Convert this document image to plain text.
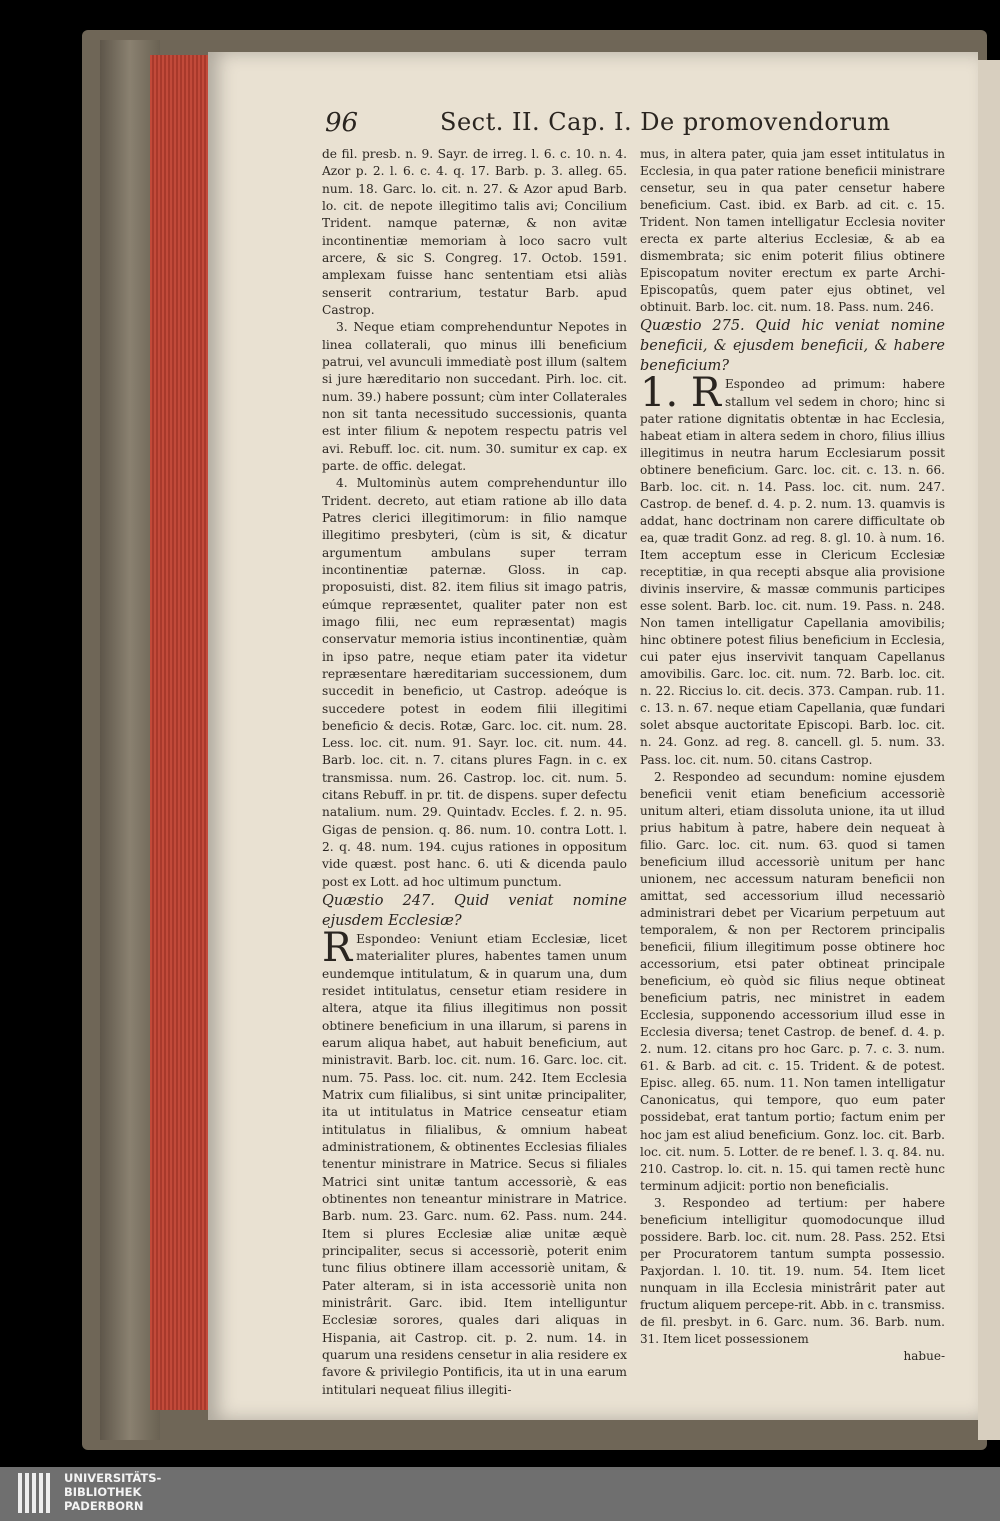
96	Sect. II. Cap. I. De promovendorum

de fil. presb. n. 9. Sayr. de irreg. l. 6. c. 10. n. 4. Azor p. 2. l. 6. c. 4. q. 17. Barb. p. 3. alleg. 65. num. 18. Garc. lo. cit. n. 27. & Azor apud Barb. lo. cit. de nepote illegitimo talis avi; Concilium Trident. namque paternæ, & non avitæ incontinentiæ memoriam à loco sacro vult arcere, & sic S. Congreg. 17. Octob. 1591. amplexam fuisse hanc sententiam etsi aliàs senserit contrarium, testatur Barb. apud Castrop.

3. Neque etiam comprehenduntur Nepotes in linea collaterali, quo minus illi beneficium patrui, vel avunculi immediatè post illum (saltem si jure hæreditario non succedant. Pirh. loc. cit. num. 39.) habere possunt; cùm inter Collaterales non sit tanta necessitudo successionis, quanta est inter filium & nepotem respectu patris vel avi. Rebuff. loc. cit. num. 30. sumitur ex cap. ex parte. de offic. delegat.

4. Multominùs autem comprehenduntur illo Trident. decreto, aut etiam ratione ab illo data Patres clerici illegitimorum: in filio namque illegitimo presbyteri, (cùm is sit, & dicatur argumentum ambulans super terram incontinentiæ paternæ. Gloss. in cap. proposuisti, dist. 82. item filius sit imago patris, eúmque repræsentet, qualiter pater non est imago filii, nec eum repræsentat) magis conservatur memoria istius incontinentiæ, quàm in ipso patre, neque etiam pater ita videtur repræsentare hæreditariam successionem, dum succedit in beneficio, ut Castrop. adeóque is succedere potest in eodem filii illegitimi beneficio & decis. Rotæ, Garc. loc. cit. num. 28. Less. loc. cit. num. 91. Sayr. loc. cit. num. 44. Barb. loc. cit. n. 7. citans plures Fagn. in c. ex transmissa. num. 26. Castrop. loc. cit. num. 5. citans Rebuff. in pr. tit. de dispens. super defectu natalium. num. 29. Quintadv. Eccles. f. 2. n. 95. Gigas de pension. q. 86. num. 10. contra Lott. l. 2. q. 48. num. 194. cujus rationes in oppositum vide quæst. post hanc. 6. uti & dicenda paulo post ex Lott. ad hoc ultimum punctum.

Quæstio 247. Quid veniat nomine ejusdem Ecclesiæ?

R Espondeo: Veniunt etiam Ecclesiæ, licet materialiter plures, habentes tamen unum eundemque intitulatum, & in quarum una, dum residet intitulatus, censetur etiam residere in altera, atque ita filius illegitimus non possit obtinere beneficium in una illarum, si parens in earum aliqua habet, aut habuit beneficium, aut ministravit. Barb. loc. cit. num. 16. Garc. loc. cit. num. 75. Pass. loc. cit. num. 242. Item Ecclesia Matrix cum filialibus, si sint unitæ principaliter, ita ut intitulatus in Matrice censeatur etiam intitulatus in filialibus, & omnium habeat administrationem, & obtinentes Ecclesias filiales tenentur ministrare in Matrice. Secus si filiales Matrici sint unitæ tantum accessoriè, & eas obtinentes non teneantur ministrare in Matrice. Barb. num. 23. Garc. num. 62. Pass. num. 244. Item si plures Ecclesiæ aliæ unitæ æquè principaliter, secus si accessoriè, poterit enim tunc filius obtinere illam accessoriè unitam, & Pater alteram, si in ista accessoriè unita non ministrârit. Garc. ibid. Item intelliguntur Ecclesiæ sorores, quales dari aliquas in Hispania, ait Castrop. cit. p. 2. num. 14. in quarum una residens censetur in alia residere ex favore & privilegio Pontificis, ita ut in una earum intitulari nequeat filius illegiti-

mus, in altera pater, quia jam esset intitulatus in Ecclesia, in qua pater ratione beneficii ministrare censetur, seu in qua pater censetur habere beneficium. Cast. ibid. ex Barb. ad cit. c. 15. Trident. Non tamen intelligatur Ecclesia noviter erecta ex parte alterius Ecclesiæ, & ab ea dismembrata; sic enim poterit filius obtinere Episcopatum noviter erectum ex parte Archi-Episcopatûs, quem pater ejus obtinet, vel obtinuit. Barb. loc. cit. num. 18. Pass. num. 246.

Quæstio 275. Quid hic veniat nomine beneficii, & ejusdem beneficii, & habere beneficium?

1. R Espondeo ad primum: habere stallum vel sedem in choro; hinc si pater ratione dignitatis obtentæ in hac Ecclesia, habeat etiam in altera sedem in choro, filius illius illegitimus in neutra harum Ecclesiarum possit obtinere beneficium. Garc. loc. cit. c. 13. n. 66. Barb. loc. cit. n. 14. Pass. loc. cit. num. 247. Castrop. de benef. d. 4. p. 2. num. 13. quamvis is addat, hanc doctrinam non carere difficultate ob ea, quæ tradit Gonz. ad reg. 8. gl. 10. à num. 16. Item acceptum esse in Clericum Ecclesiæ receptitiæ, in qua recepti absque alia provisione divinis inservire, & massæ communis participes esse solent. Barb. loc. cit. num. 19. Pass. n. 248. Non tamen intelligatur Capellania amovibilis; hinc obtinere potest filius beneficium in Ecclesia, cui pater ejus inservivit tanquam Capellanus amovibilis. Garc. loc. cit. num. 72. Barb. loc. cit. n. 22. Riccius lo. cit. decis. 373. Campan. rub. 11. c. 13. n. 67. neque etiam Capellania, quæ fundari solet absque auctoritate Episcopi. Barb. loc. cit. n. 24. Gonz. ad reg. 8. cancell. gl. 5. num. 33. Pass. loc. cit. num. 50. citans Castrop.

2. Respondeo ad secundum: nomine ejusdem beneficii venit etiam beneficium accessoriè unitum alteri, etiam dissoluta unione, ita ut illud prius habitum à patre, habere dein nequeat à filio. Garc. loc. cit. num. 63. quod si tamen beneficium illud accessoriè unitum per hanc unionem, nec accessum naturam beneficii non amittat, sed accessorium illud necessariò administrari debet per Vicarium perpetuum aut temporalem, & non per Rectorem principalis beneficii, filium illegitimum posse obtinere hoc accessorium, etsi pater obtineat principale beneficium, eò quòd sic filius neque obtineat beneficium patris, nec ministret in eadem Ecclesia, supponendo accessorium illud esse in Ecclesia diversa; tenet Castrop. de benef. d. 4. p. 2. num. 12. citans pro hoc Garc. p. 7. c. 3. num. 61. & Barb. ad cit. c. 15. Trident. & de potest. Episc. alleg. 65. num. 11. Non tamen intelligatur Canonicatus, qui tempore, quo eum pater possidebat, erat tantum portio; factum enim per hoc jam est aliud beneficium. Gonz. loc. cit. Barb. loc. cit. num. 5. Lotter. de re benef. l. 3. q. 84. nu. 210. Castrop. lo. cit. n. 15. qui tamen rectè hunc terminum adjicit: portio non beneficialis.

3. Respondeo ad tertium: per habere beneficium intelligitur quomodocunque illud possidere. Barb. loc. cit. num. 28. Pass. 252. Etsi per Procuratorem tantum sumpta possessio. Paxjordan. l. 10. tit. 19. num. 54. Item licet nunquam in illa Ecclesia ministrârit pater aut fructum aliquem percepe-rit. Abb. in c. transmiss. de fil. presbyt. in 6. Garc. num. 36. Barb. num. 31. Item licet possessionem

habue-

UNIVERSITÄTS-
BIBLIOTHEK
PADERBORN
